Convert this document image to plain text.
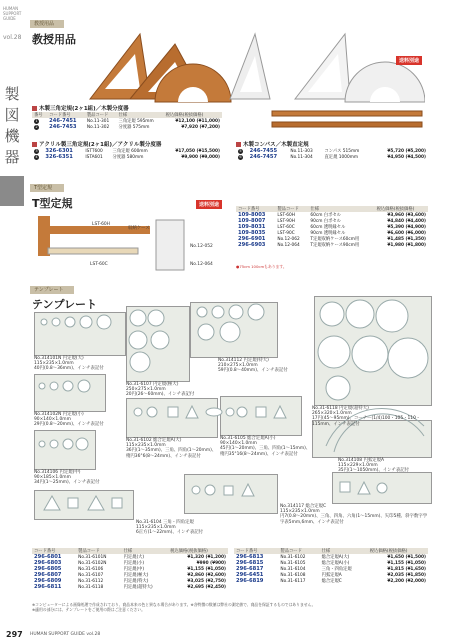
HUMAN SUPPORT GUIDE
vol.28
製図機器
教授用品
教授用品
送料別途
木製三角定規(2ヶ1組)／木製分度器
番号	コード番号	製品コード	仕様	税込価格(税抜価格)
1	246-7451	No.11-301	三角定規 595mm	¥12,100 (¥11,000)
2	246-7453	No.11-302	分度器 575mm	¥7,920 (¥7,200)
アクリル製三角定規(2ヶ1組)／アクリル製分度器
3	326-6301	ISTT600	三角定規 600mm	¥17,050 (¥15,500)
4	326-6351	ISTA601	分度器 580mm	¥9,900 (¥9,000)
木製コンパス／木製直定規
5	246-7455	No.11-303	コンパス 515mm	¥5,720 (¥5,200)
6	246-7457	No.11-304	直定規 1000mm	¥4,950 (¥4,500)
T型定規
T型定規	送料別途
LST-60H
収納ケース
LST-60C
No.12-052
No.12-064
コード番号	製品コード	仕様	税込価格(税抜価格)
109-8003	LST-60H	60cm 白ポセル	¥3,960 (¥3,600)
109-8007	LST-90H	90cm 白ポセル	¥4,840 (¥4,400)
109-8031	LST-60C	60cm 透明縁セル	¥5,390 (¥4,900)
109-8035	LST-90C	90cm 透明縁セル	¥6,600 (¥6,000)
296-6901	No.12-062	T定規収納ケース60cm用	¥1,485 (¥1,350)
296-6903	No.12-064	T定規収納ケース90cm用	¥1,980 (¥1,800)
●75cm 100cmもあります。
テンプレート
テンプレート
No.314101N 円定規(大)
115×235×1.0mm
40円(0.8〜36mm)、インチ表記付
No.31-6107 円定規(極大)
250×275×1.0mm
20円(26〜60mm)、インチ表記付
No.314112 円定規(特大)
210×275×1.0mm
59円(0.8〜40mm)、インチ表記付
No.31-6118 円定規(超特大)
265×320×1.0mm
17円(45〜95mm)、コーナー(1/4)100・105・110・115mm、インチ表記付
No.314102N 円定規(小)
90×140×1.0mm
29円(0.8〜20mm)、インチ表記付
No.314106 円定規(中)
90×185×1.0mm
34円(1〜25mm)、インチ表記付
No.31-6102 総合定規A(大)
115×235×1.0mm
36円(1〜35mm)、三角、四角(1〜20mm)、楕円36°6(8〜24mm)、インチ表記付
No.31-6105 総合定規A(小)
90×140×1.0mm
45円(1〜20mm)、三角、四角(1〜15mm)、楕円35°16(8〜24mm)、インチ表記付
No.314108 円弧定規A
115×229×1.0mm
35円(1〜1050mm)、インチ表記付
No.31-6104 三角・四角定規
115×235×1.0mm
6正方(1〜22mm)、インチ表記付
No.314117 総合定規C
115×235×1.0mm
円7(0.8〜20mm)、三角、四角、六角(1〜15mm)、矢印5種、斜字数字学字表5mm,6mm、インチ表記付
コード番号	製品コード	仕様	税込価格(税抜価格)
296-6801	No.31-6101N	円定規(大)	¥1,320 (¥1,200)
296-6803	No.31-6102N	円定規(小)	¥990 (¥900)
296-6805	No.31-6106	円定規(中)	¥1,155 (¥1,050)
296-6807	No.31-6107	円定規(極大)	¥2,860 (¥2,600)
296-6809	No.31-6112	円定規(特大)	¥3,025 (¥2,750)
296-6811	No.31-6118	円定規(超特大)	¥2,695 (¥2,450)
コード番号	製品コード	仕様	税込価格(税抜価格)
296-6813	No.31-6102	総合定規A(大)	¥1,650 (¥1,500)
296-6815	No.31-6105	総合定規A(小)	¥1,155 (¥1,050)
296-6817	No.31-6104	三角・四角定規	¥1,815 (¥1,650)
296-6451	No.31-6108	円弧定規A	¥2,035 (¥1,850)
296-6819	No.31-6117	総合定規C	¥2,200 (¥2,000)
※コンピューターによる画像処理で作成されており、商品本来の色と異なる場合があります。※各特徴の数値は弊社の測定値で、商品を保証するものではありません。
※適用の部分には、テンプレートをご使用の際はご注意ください。
297 HUMAN SUPPORT GUIDE vol.28
